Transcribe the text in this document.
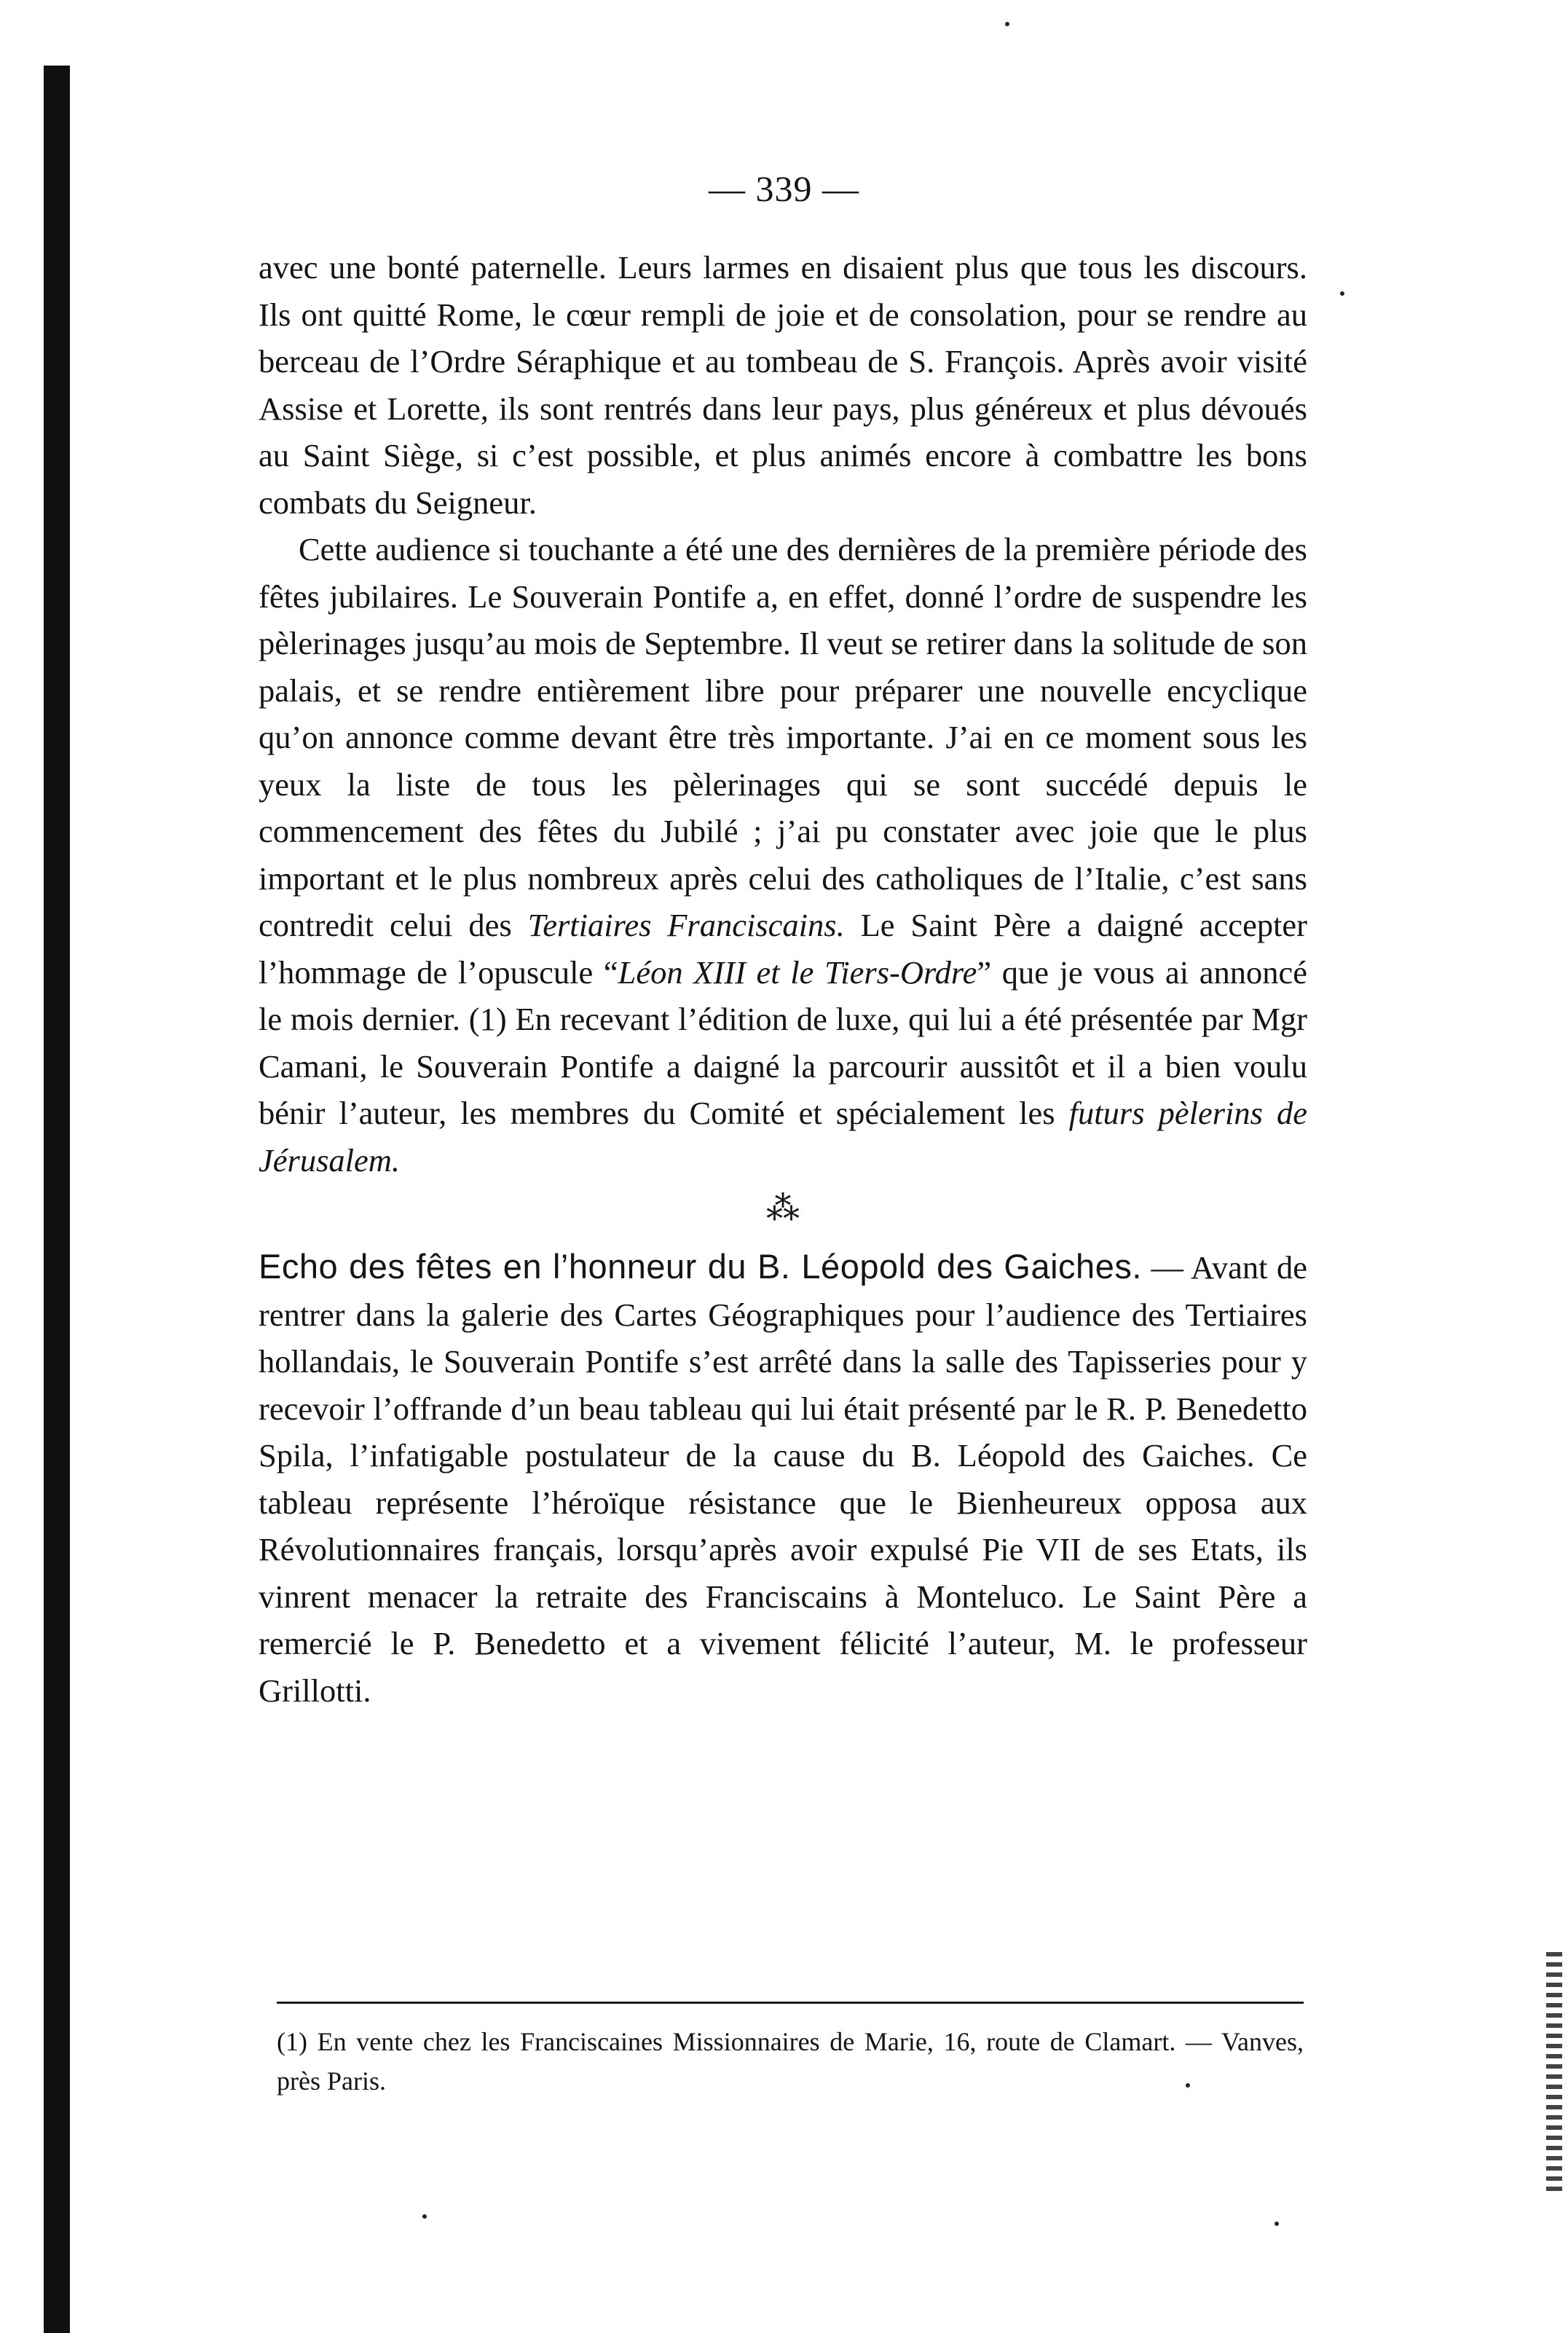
— 339 —

avec une bonté paternelle. Leurs larmes en disaient plus que tous les discours. Ils ont quitté Rome, le cœur rempli de joie et de consolation, pour se rendre au berceau de l’Ordre Séraphique et au tombeau de S. François. Après avoir visité Assise et Lorette, ils sont rentrés dans leur pays, plus généreux et plus dévoués au Saint Siège, si c’est possible, et plus animés encore à combattre les bons combats du Seigneur.

Cette audience si touchante a été une des dernières de la première période des fêtes jubilaires. Le Souverain Pontife a, en effet, donné l’ordre de suspendre les pèlerinages jusqu’au mois de Septembre. Il veut se retirer dans la solitude de son palais, et se rendre entièrement libre pour préparer une nouvelle encyclique qu’on annonce comme devant être très importante. J’ai en ce moment sous les yeux la liste de tous les pèlerinages qui se sont succédé depuis le commencement des fêtes du Jubilé ; j’ai pu constater avec joie que le plus important et le plus nombreux après celui des catholiques de l’Italie, c’est sans contredit celui des Tertiaires Franciscains. Le Saint Père a daigné accepter l’hommage de l’opuscule “Léon XIII et le Tiers-Ordre” que je vous ai annoncé le mois dernier. (1) En recevant l’édition de luxe, qui lui a été présentée par Mgr Camani, le Souverain Pontife a daigné la parcourir aussitôt et il a bien voulu bénir l’auteur, les membres du Comité et spécialement les futurs pèlerins de Jérusalem.

⁂

Echo des fêtes en l’honneur du B. Léopold des Gaiches. — Avant de rentrer dans la galerie des Cartes Géographiques pour l’audience des Tertiaires hollandais, le Souverain Pontife s’est arrêté dans la salle des Tapisseries pour y recevoir l’offrande d’un beau tableau qui lui était présenté par le R. P. Benedetto Spila, l’infatigable postulateur de la cause du B. Léopold des Gaiches. Ce tableau représente l’héroïque résistance que le Bienheureux opposa aux Révolutionnaires français, lorsqu’après avoir expulsé Pie VII de ses Etats, ils vinrent menacer la retraite des Franciscains à Monteluco. Le Saint Père a remercié le P. Benedetto et a vivement félicité l’auteur, M. le professeur Grillotti.

(1) En vente chez les Franciscaines Missionnaires de Marie, 16, route de Clamart. — Vanves, près Paris.
